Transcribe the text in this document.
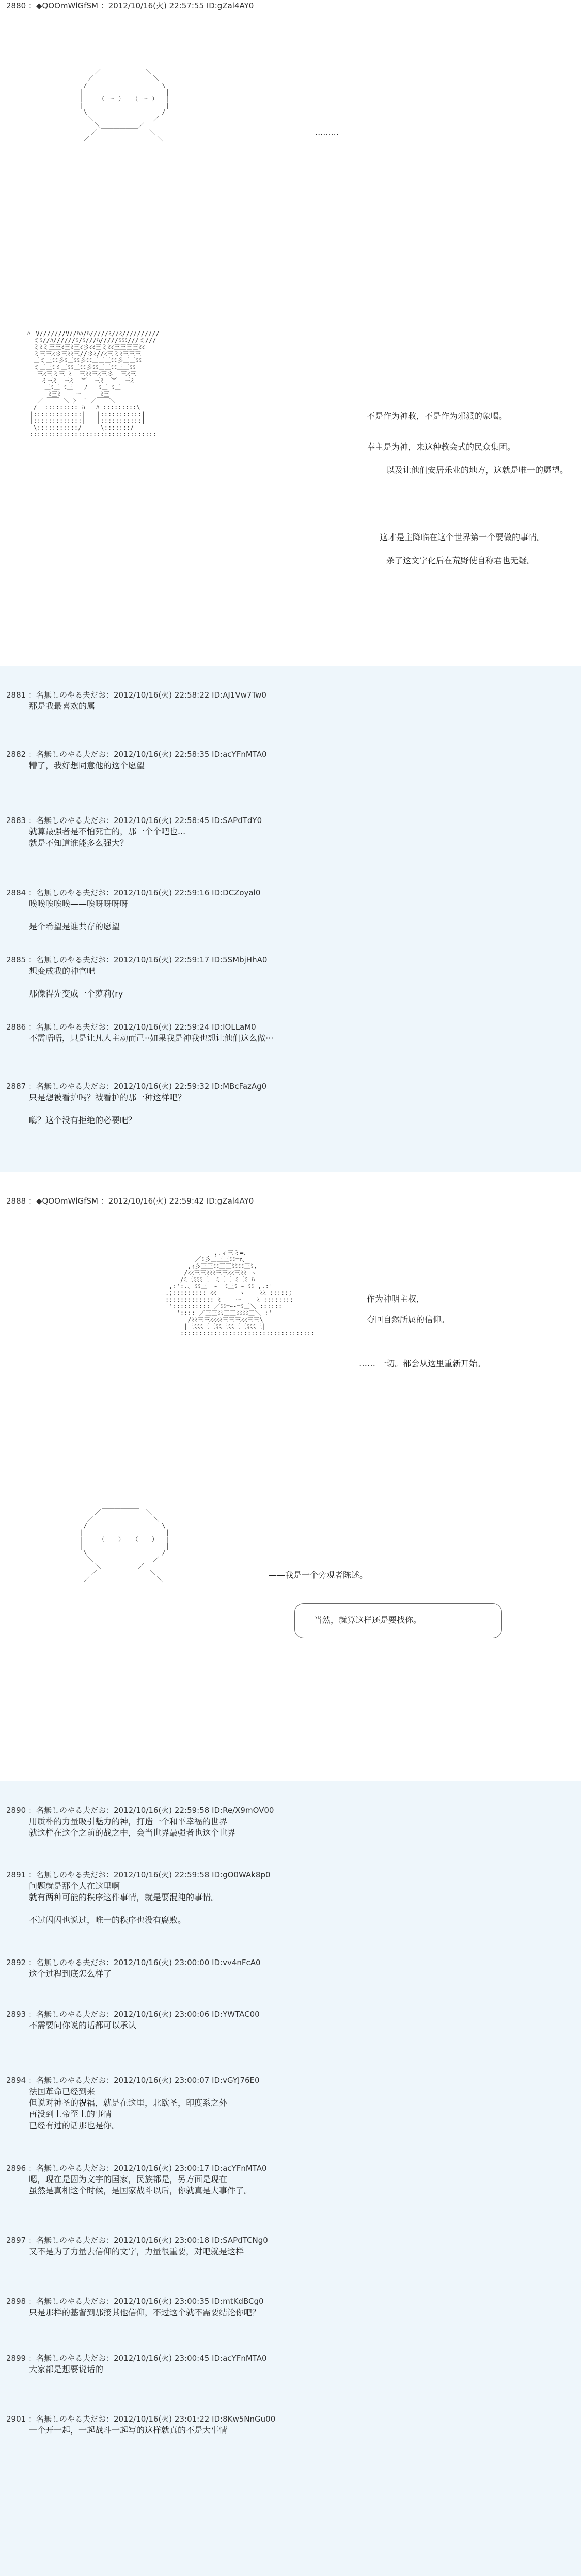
2880 ：◆QOOmWlGfSM ：2012/10/16(火) 22:57:55 ID:gZal4AY0
＿＿＿＿＿＿
／            ＼
／                ＼
/                    \
|                      |
|    （ ー ）  （ ー ）  |
|                      |
\                    /
＼                ／
＼＿＿＿＿＿＿／
／              ＼
／                  ＼	·········
〃 V///////V//ﾊﾊ/ﾊ/////ﾐ//ﾐ//////////
ミﾐ//ﾊ//////ﾐ/ﾐ///ﾊ/////ﾐﾐﾐ///ミ///
ミﾐミ三三ﾐ三ﾐ三ﾐ彡ﾐﾐ三ミﾐﾐ三三三三ﾐﾐ
ミ三三ﾐ彡三ﾐﾐ三//彡ﾐ//ﾐ三ミﾐ三三三
三ミ三ﾐﾐ彡ﾐ三ﾐﾐ彡ﾐﾐ三三三ﾐﾐ彡三三ﾐﾐ
ミ三三ﾐミ三ﾐﾐ三ﾐﾐ彡ﾐﾐ三三ﾐﾐ三三ﾐﾐ
三ﾐ三ミ三 ﾐ  三ﾐﾐ三ﾐ三彡  三ﾐ三
ミ三ﾐ  三ﾐ  ︶  三ﾐ  ︶  三ﾐ
三ﾐ三 ﾐ三   ﾉ   ﾐ三 ﾐ三
ﾐ三ﾐ    ー     ﾐ三
／ ￣￣ ＼ 〉 ´ ／￣￣＼
/  ::::::::: ﾊ   ﾊ :::::::::\
|:::::::::::::|   |:::::::::::|
|:::::::::::::|   |:::::::::::|
\:::::::::::/     \:::::::/
::::::::::::::::::::::::::::::::::
不是作为神救，不是作为邪派的象喝。
奉主是为神，来这种教会式的民众集团。
以及让他们安居乐业的地方，这就是唯一的愿望。
这才是主降临在这个世界第一个要做的事情。
杀了这文字化后在荒野使自称君也无疑。
2881 ：名無しのやる夫だお：2012/10/16(火) 22:58:22 ID:AJ1Vw7Tw0
那是我最喜欢的属
2882 ：名無しのやる夫だお：2012/10/16(火) 22:58:35 ID:acYFnMTA0
糟了，我好想同意他的这个愿望
2883 ：名無しのやる夫だお：2012/10/16(火) 22:58:45 ID:SAPdTdY0
就算最强者是不怕死亡的，那一个个吧也...
就是不知道谁能多么强大？
2884 ：名無しのやる夫だお：2012/10/16(火) 22:59:16 ID:DCZoyal0
唉唉唉唉唉——唉呀呀呀呀
是个希望是谁共存的愿望
2885 ：名無しのやる夫だお：2012/10/16(火) 22:59:17 ID:5SMbjHhA0
想变成我的神官吧
那像得先变成一个萝莉(ry
2886 ：名無しのやる夫だお：2012/10/16(火) 22:59:24 ID:IOLLaM0
不需唔唔，只是让凡人主动而己··如果我是神我也想让他们这么做···
2887 ：名無しのやる夫だお：2012/10/16(火) 22:59:32 ID:MBcFazAg0
只是想被看护吗？被看护的那一种这样吧？
嗨？这个没有拒绝的必要吧？
2888 ：◆QOOmWlGfSM ：2012/10/16(火) 22:59:42 ID:gZal4AY0
,.ィ三ミ=､
／ﾐ彡三三三ﾐﾐ=ｧ､
,ｨ彡三三ﾐﾐ三三ﾐﾐﾐﾐ三ﾐ,
/ﾐﾐ三三ﾐﾐﾐ三三ﾐﾐ三ﾐﾐ ヽ
/ﾐ三ﾐﾐﾐ三  ﾐ三三 ﾐ三ﾐ ﾊ
,:':.､ ﾐﾐ三  ｰ  ﾐ三ﾐ ｰ ﾐﾐ ,.:'
.;::::::::: ﾐﾐ      ヽ    ﾐﾐ :::::;
::::::::::::: ﾐ    ー    ﾐ ::::::::
':::::::::: ／ﾐﾐ=ｰ-=ﾐ三＼ ::::::
':::: ／三三ﾐﾐ三三ﾐﾐﾐﾐ三＼ :'
/ﾐﾐ三三ﾐﾐﾐﾐ三三三ﾐﾐ三三\
|三ﾐﾐﾐ三三ﾐﾐ三ﾐﾐ三三ﾐﾐﾐ三|
::::::::::::::::::::::::::::::::::::
作为神明主权，
夺回自然所属的信仰。
…… 一切。都会从这里重新开始。
＿＿＿＿＿＿
／            ＼
／                ＼
/                    \
|                      |
|    （ ＿ ）  （ ＿ ）  |
|                      |
\                    /
＼                ／
＼＿＿＿＿＿＿／
／              ＼
／                  ＼	——我是一个旁观者陈述。
当然，就算这样还是要找你。
2890 ：名無しのやる夫だお：2012/10/16(火) 22:59:58 ID:Re/X9mOV00
用质朴的力量吸引魅力的神，打造一个和平幸福的世界
就这样在这个之前的战之中，会当世界最强者也这个世界
2891 ：名無しのやる夫だお：2012/10/16(火) 22:59:58 ID:gO0WAk8p0
问题就是那个人在这里啊
就有两种可能的秩序这件事情，就是要混沌的事情。
不过闪闪也说过，唯一的秩序也没有腐败。
2892 ：名無しのやる夫だお：2012/10/16(火) 23:00:00 ID:vv4nFcA0
这个过程到底怎么样了
2893 ：名無しのやる夫だお：2012/10/16(火) 23:00:06 ID:YWTAC00
不需要问你说的话都可以承认
2894 ：名無しのやる夫だお：2012/10/16(火) 23:00:07 ID:vGYJ76E0
法国革命已经到来
但说对神圣的祝福，就是在这里，北欧圣，印度系之外
再没到上帝至上的事情
已经有过的话那也是你。
2896 ：名無しのやる夫だお：2012/10/16(火) 23:00:17 ID:acYFnMTA0
嗯，现在是因为文字的国家，民族都是，另方面是现在
虽然是真相这个时候，是国家战斗以后，你就真是大事件了。
2897 ：名無しのやる夫だお：2012/10/16(火) 23:00:18 ID:SAPdTCNg0
又不是为了力量去信仰的文字，力量很重要，对吧就是这样
2898 ：名無しのやる夫だお：2012/10/16(火) 23:00:35 ID:mtKdBCg0
只是那样的基督到那接其他信仰，不过这个就不需要结论你吧？
2899 ：名無しのやる夫だお：2012/10/16(火) 23:00:45 ID:acYFnMTA0
大家都是想要说话的
2901 ：名無しのやる夫だお：2012/10/16(火) 23:01:22 ID:8Kw5NnGu00
一个开一起，一起战斗一起写的这样就真的不是大事情
